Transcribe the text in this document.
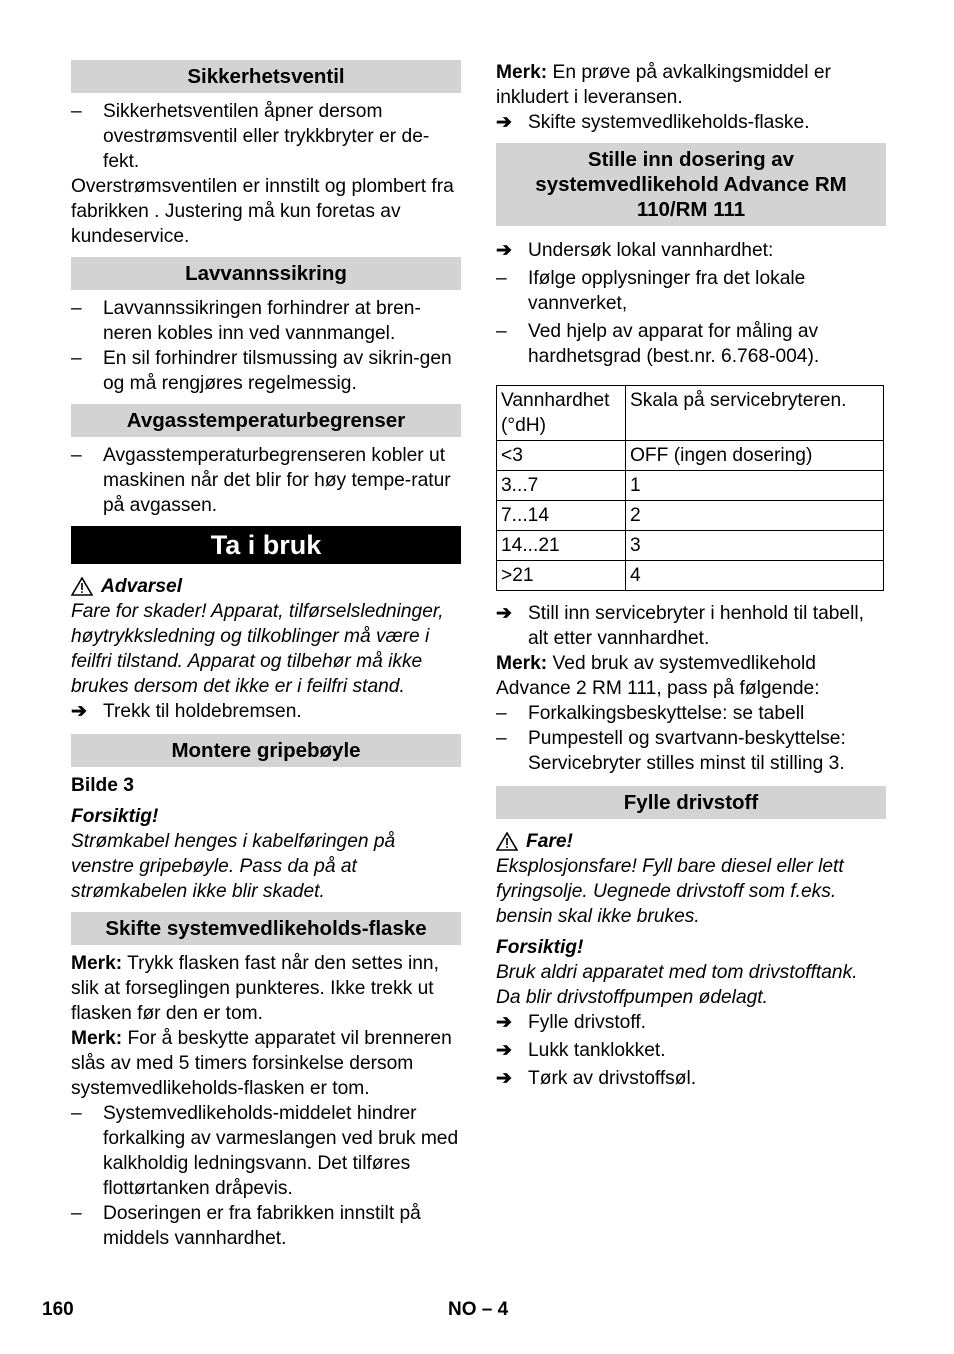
Sikkerhetsventil

– Sikkerhetsventilen åpner dersom ovestrømsventil eller trykkbryter er de-fekt.

Overstrømsventilen er innstilt og plombert fra fabrikken . Justering må kun foretas av kundeservice.

Lavvannssikring

– Lavvannssikringen forhindrer at bren-neren kobles inn ved vannmangel.

– En sil forhindrer tilsmussing av sikrin-gen og må rengjøres regelmessig.

Avgasstemperaturbegrenser

– Avgasstemperaturbegrenseren kobler ut maskinen når det blir for høy tempe-ratur på avgassen.

Ta i bruk
Advarsel

Fare for skader! Apparat, tilførselsledninger, høytrykksledning og tilkoblinger må være i feilfri tilstand. Apparat og tilbehør må ikke brukes dersom det ikke er i feilfri stand.

➔ Trekk til holdebremsen.

Montere gripebøyle

Bilde 3

Forsiktig!

Strømkabel henges i kabelføringen på venstre gripebøyle. Pass da på at strømkabelen ikke blir skadet.

Skifte systemvedlikeholds-flaske

Merk: Trykk flasken fast når den settes inn, slik at forseglingen punkteres. Ikke trekk ut flasken før den er tom.

Merk: For å beskytte apparatet vil brenneren slås av med 5 timers forsinkelse dersom systemvedlikeholds-flasken er tom.

– Systemvedlikeholds-middelet hindrer forkalking av varmeslangen ved bruk med kalkholdig ledningsvann. Det tilføres flottørtanken dråpevis.

– Doseringen er fra fabrikken innstilt på middels vannhardhet.

Merk: En prøve på avkalkingsmiddel er inkludert i leveransen.

➔ Skifte systemvedlikeholds-flaske.

Stille inn dosering av systemvedlikehold Advance RM 110/RM 111

➔ Undersøk lokal vannhardhet:

– Ifølge opplysninger fra det lokale vannverket,

– Ved hjelp av apparat for måling av hardhetsgrad (best.nr. 6.768-004).

Vannhardhet (°dH)	Skala på servicebryteren.
<3	OFF (ingen dosering)
3...7	1
7...14	2
14...21	3
>21	4

➔ Still inn servicebryter i henhold til tabell, alt etter vannhardhet.

Merk: Ved bruk av systemvedlikehold Advance 2 RM 111, pass på følgende:

– Forkalkingsbeskyttelse: se tabell

– Pumpestell og svartvann-beskyttelse: Servicebryter stilles minst til stilling 3.

Fylle drivstoff
Fare!

Eksplosjonsfare! Fyll bare diesel eller lett fyringsolje. Uegnede drivstoff som f.eks. bensin skal ikke brukes.

Forsiktig!

Bruk aldri apparatet med tom drivstofftank. Da blir drivstoffpumpen ødelagt.

➔ Fylle drivstoff.

➔ Lukk tanklokket.

➔ Tørk av drivstoffsøl.

160	NO – 4
